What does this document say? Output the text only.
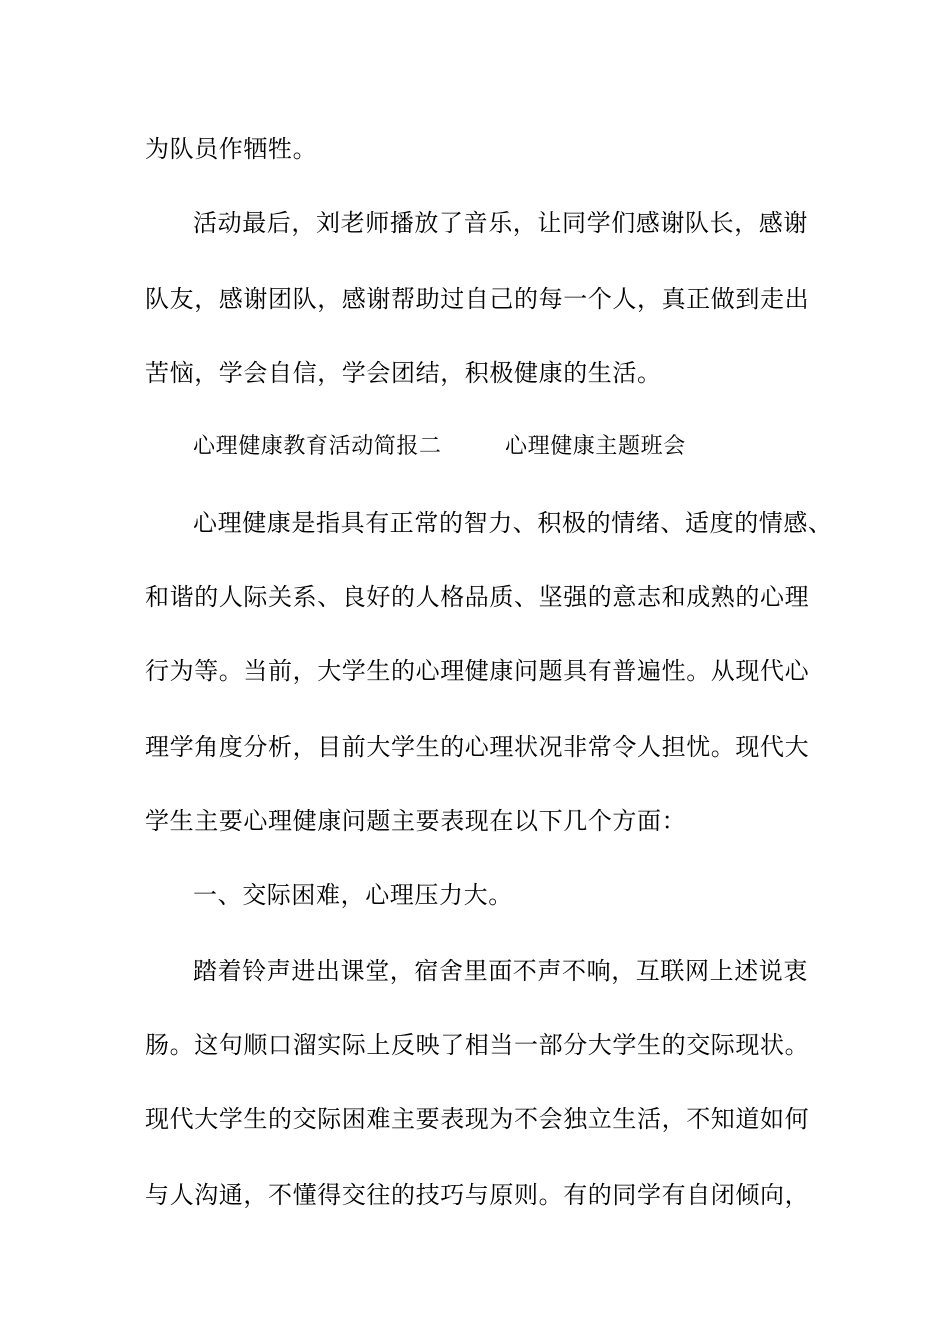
为队员作牺牲。
活动最后，刘老师播放了音乐，让同学们感谢队长，感谢
队友，感谢团队，感谢帮助过自己的每一个人，真正做到走出
苦恼，学会自信，学会团结，积极健康的生活。
心理健康教育活动简报二	心理健康主题班会
心理健康是指具有正常的智力、积极的情绪、适度的情感、
和谐的人际关系、良好的人格品质、坚强的意志和成熟的心理
行为等。当前，大学生的心理健康问题具有普遍性。从现代心
理学角度分析，目前大学生的心理状况非常令人担忧。现代大
学生主要心理健康问题主要表现在以下几个方面：
一、交际困难，心理压力大。
踏着铃声进出课堂，宿舍里面不声不响，互联网上述说衷
肠。这句顺口溜实际上反映了相当一部分大学生的交际现状。
现代大学生的交际困难主要表现为不会独立生活，不知道如何
与人沟通，不懂得交往的技巧与原则。有的同学有自闭倾向，
